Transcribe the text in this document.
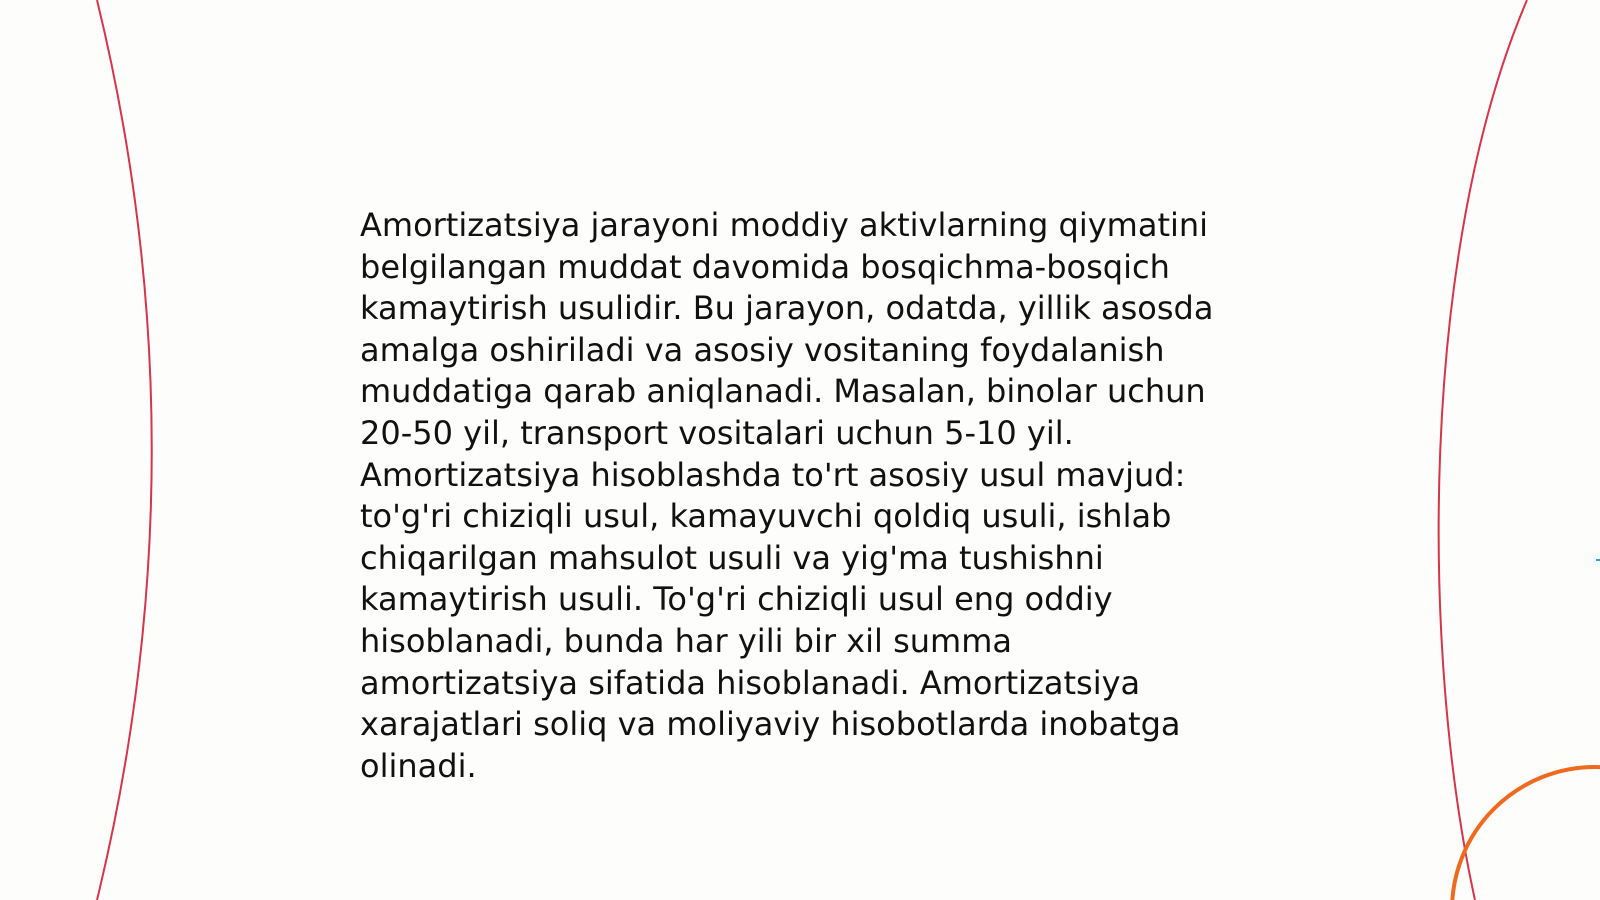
Amortizatsiya jarayoni moddiy aktivlarning qiymatini
belgilangan muddat davomida bosqichma-bosqich
kamaytirish usulidir. Bu jarayon, odatda, yillik asosda
amalga oshiriladi va asosiy vositaning foydalanish
muddatiga qarab aniqlanadi. Masalan, binolar uchun
20-50 yil, transport vositalari uchun 5-10 yil.
Amortizatsiya hisoblashda to'rt asosiy usul mavjud:
to'g'ri chiziqli usul, kamayuvchi qoldiq usuli, ishlab
chiqarilgan mahsulot usuli va yig'ma tushishni
kamaytirish usuli. To'g'ri chiziqli usul eng oddiy
hisoblanadi, bunda har yili bir xil summa
amortizatsiya sifatida hisoblanadi. Amortizatsiya
xarajatlari soliq va moliyaviy hisobotlarda inobatga
olinadi.
